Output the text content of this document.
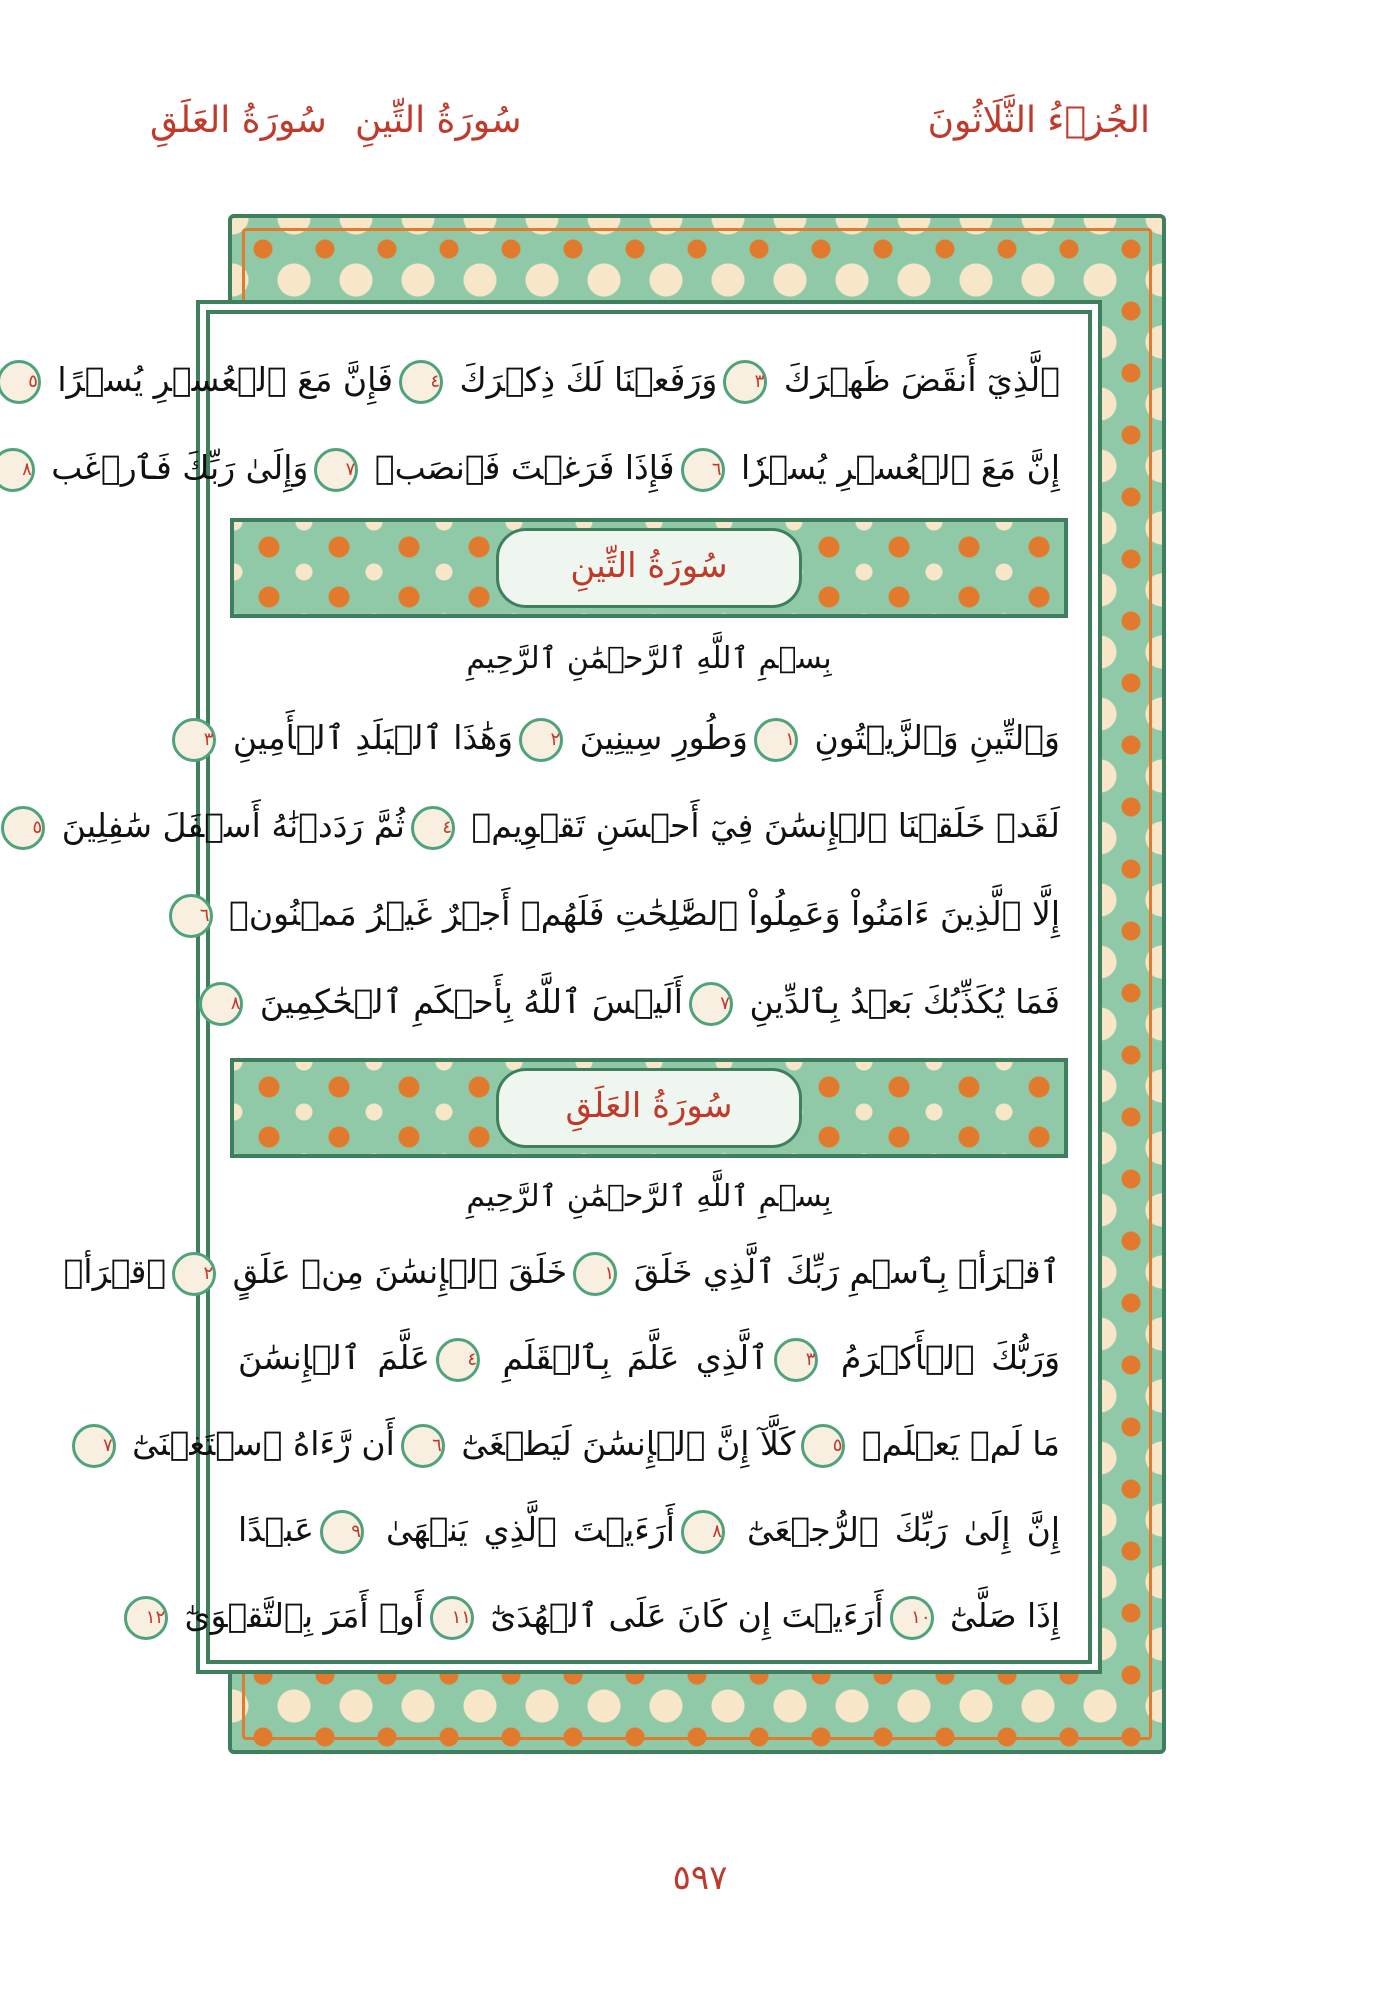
الجُزۡءُ الثَّلَاثُونَ
سُورَةُ التِّينِ
سُورَةُ العَلَقِ
ٱلَّذِيٓ أَنقَضَ ظَهۡرَكَ ٣وَرَفَعۡنَا لَكَ ذِكۡرَكَ ٤فَإِنَّ مَعَ ٱلۡعُسۡرِ يُسۡرًا ٥
إِنَّ مَعَ ٱلۡعُسۡرِ يُسۡرٗا ٦فَإِذَا فَرَغۡتَ فَٱنصَبۡ ٧وَإِلَىٰ رَبِّكَ فَٱرۡغَب ٨
سُورَةُ التِّينِ
بِسۡمِ ٱللَّهِ ٱلرَّحۡمَٰنِ ٱلرَّحِيمِ
وَٱلتِّينِ وَٱلزَّيۡتُونِ ١وَطُورِ سِينِينَ ٢وَهَٰذَا ٱلۡبَلَدِ ٱلۡأَمِينِ ٣
لَقَدۡ خَلَقۡنَا ٱلۡإِنسَٰنَ فِيٓ أَحۡسَنِ تَقۡوِيمٖ ٤ثُمَّ رَدَدۡنَٰهُ أَسۡفَلَ سَٰفِلِينَ ٥
إِلَّا ٱلَّذِينَ ءَامَنُواْ وَعَمِلُواْ ٱلصَّٰلِحَٰتِ فَلَهُمۡ أَجۡرٌ غَيۡرُ مَمۡنُونٖ ٦
فَمَا يُكَذِّبُكَ بَعۡدُ بِٱلدِّينِ ٧أَلَيۡسَ ٱللَّهُ بِأَحۡكَمِ ٱلۡحَٰكِمِينَ ٨
سُورَةُ العَلَقِ
بِسۡمِ ٱللَّهِ ٱلرَّحۡمَٰنِ ٱلرَّحِيمِ
ٱقۡرَأۡ بِٱسۡمِ رَبِّكَ ٱلَّذِي خَلَقَ ١خَلَقَ ٱلۡإِنسَٰنَ مِنۡ عَلَقٍ ٢ٱقۡرَأۡ
وَرَبُّكَ ٱلۡأَكۡرَمُ ٣ٱلَّذِي عَلَّمَ بِٱلۡقَلَمِ ٤عَلَّمَ ٱلۡإِنسَٰنَ
مَا لَمۡ يَعۡلَمۡ ٥كَلَّآ إِنَّ ٱلۡإِنسَٰنَ لَيَطۡغَىٰٓ ٦أَن رَّءَاهُ ٱسۡتَغۡنَىٰٓ ٧
إِنَّ إِلَىٰ رَبِّكَ ٱلرُّجۡعَىٰٓ ٨أَرَءَيۡتَ ٱلَّذِي يَنۡهَىٰ ٩عَبۡدًا
إِذَا صَلَّىٰٓ ١٠أَرَءَيۡتَ إِن كَانَ عَلَى ٱلۡهُدَىٰٓ ١١أَوۡ أَمَرَ بِٱلتَّقۡوَىٰٓ ١٢
٥٩٧
